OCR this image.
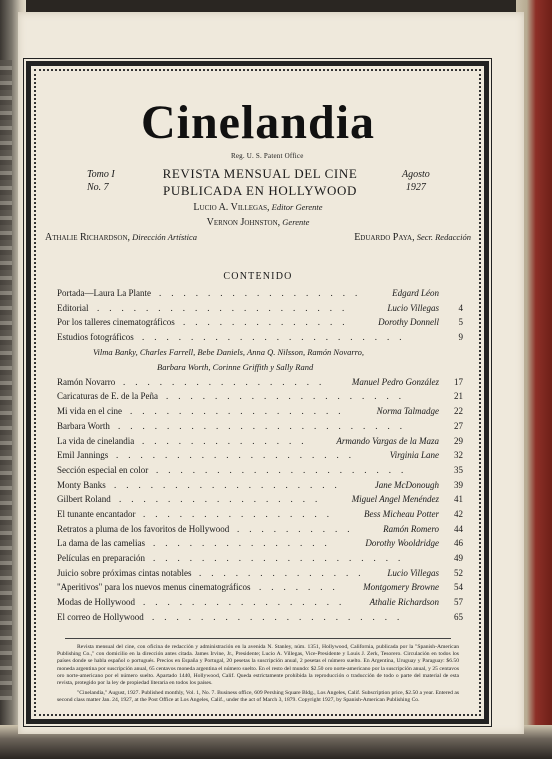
Cinelandia
Reg. U. S. Patent Office
Tomo I
No. 7
Agosto
1927
REVISTA MENSUAL DEL CINE
PUBLICADA EN HOLLYWOOD
Lucio A. Villegas, Editor Gerente
Vernon Johnston, Gerente
Athalie Richardson, Dirección Artística	Eduardo Paya, Secr. Redacción
CONTENIDO
Portada—Laura La Plante .................	Edgard Léon
Editorial .....................	Lucio Villegas	4
Por los talleres cinematográficos ..............	Dorothy Donnell	5
Estudios fotográficos ......................	9
Vilma Banky, Charles Farrell, Bebe Daniels, Anna Q. Nilsson, Ramón Novarro,
Barbara Worth, Corinne Griffith y Sally Rand
Ramón Novarro .................	Manuel Pedro González	17
Caricaturas de E. de la Peña ....................	21
Mi vida en el cine ..................	Norma Talmadge	22
Barbara Worth ........................	27
La vida de cinelandia ..............	Armando Vargas de la Maza	29
Emil Jannings ....................	Virginia Lane	32
Sección especial en color .....................	35
Monty Banks ...................	Jane McDonough	39
Gilbert Roland .................	Miguel Angel Menéndez	41
El tunante encantador ................	Bess Micheau Potter	42
Retratos a pluma de los favoritos de Hollywood ..........	Ramón Romero	44
La dama de las camelias ...............	Dorothy Wooldridge	46
Películas en preparación .....................	49
Juicio sobre próximas cintas notables ..............	Lucio Villegas	52
"Aperitivos" para los nuevos menus cinematográficos .......	Montgomery Browne	54
Modas de Hollywood .................	Athalie Richardson	57
El correo de Hollywood .....................	65
Revista mensual del cine, con oficina de redacción y administración en la avenida N. Stanley, núm. 1351, Hollywood, California, publicada por la "Spanish-American Publishing Co.," con domicilio en la dirección antes citada. James Irvine, Jr., Presidente; Lucio A. Villegas, Vice-Presidente y Louis J. Zerk, Tesorero. Circulación en todos los países donde se habla español o portugués. Precios en España y Portugal, 20 pesetas la suscripción anual, 2 pesetas el número suelto. En Argentina, Uruguay y Paraguay: $6.50 moneda argentina por suscripción anual, 65 centavos moneda argentina el número suelto. En el resto del mundo: $2.50 oro norte-americano por la suscripción anual, y 25 centavos oro norte-americano por el número suelto. Apartado 1440, Hollywood, Calif. Queda estrictamente prohibida la reproducción o traducción de todo o parte del material de esta revista, protegido por la ley de propiedad literaria en todos los países.
"Cinelandia," August, 1927. Published monthly, Vol. 1, No. 7. Business office, 609 Pershing Square Bldg., Los Angeles, Calif. Subscription price, $2.50 a year. Entered as second class matter Jan. 24, 1927, at the Post Office at Los Angeles, Calif., under the act of March 3, 1879. Copyright 1927, by Spanish-American Publishing Co.
